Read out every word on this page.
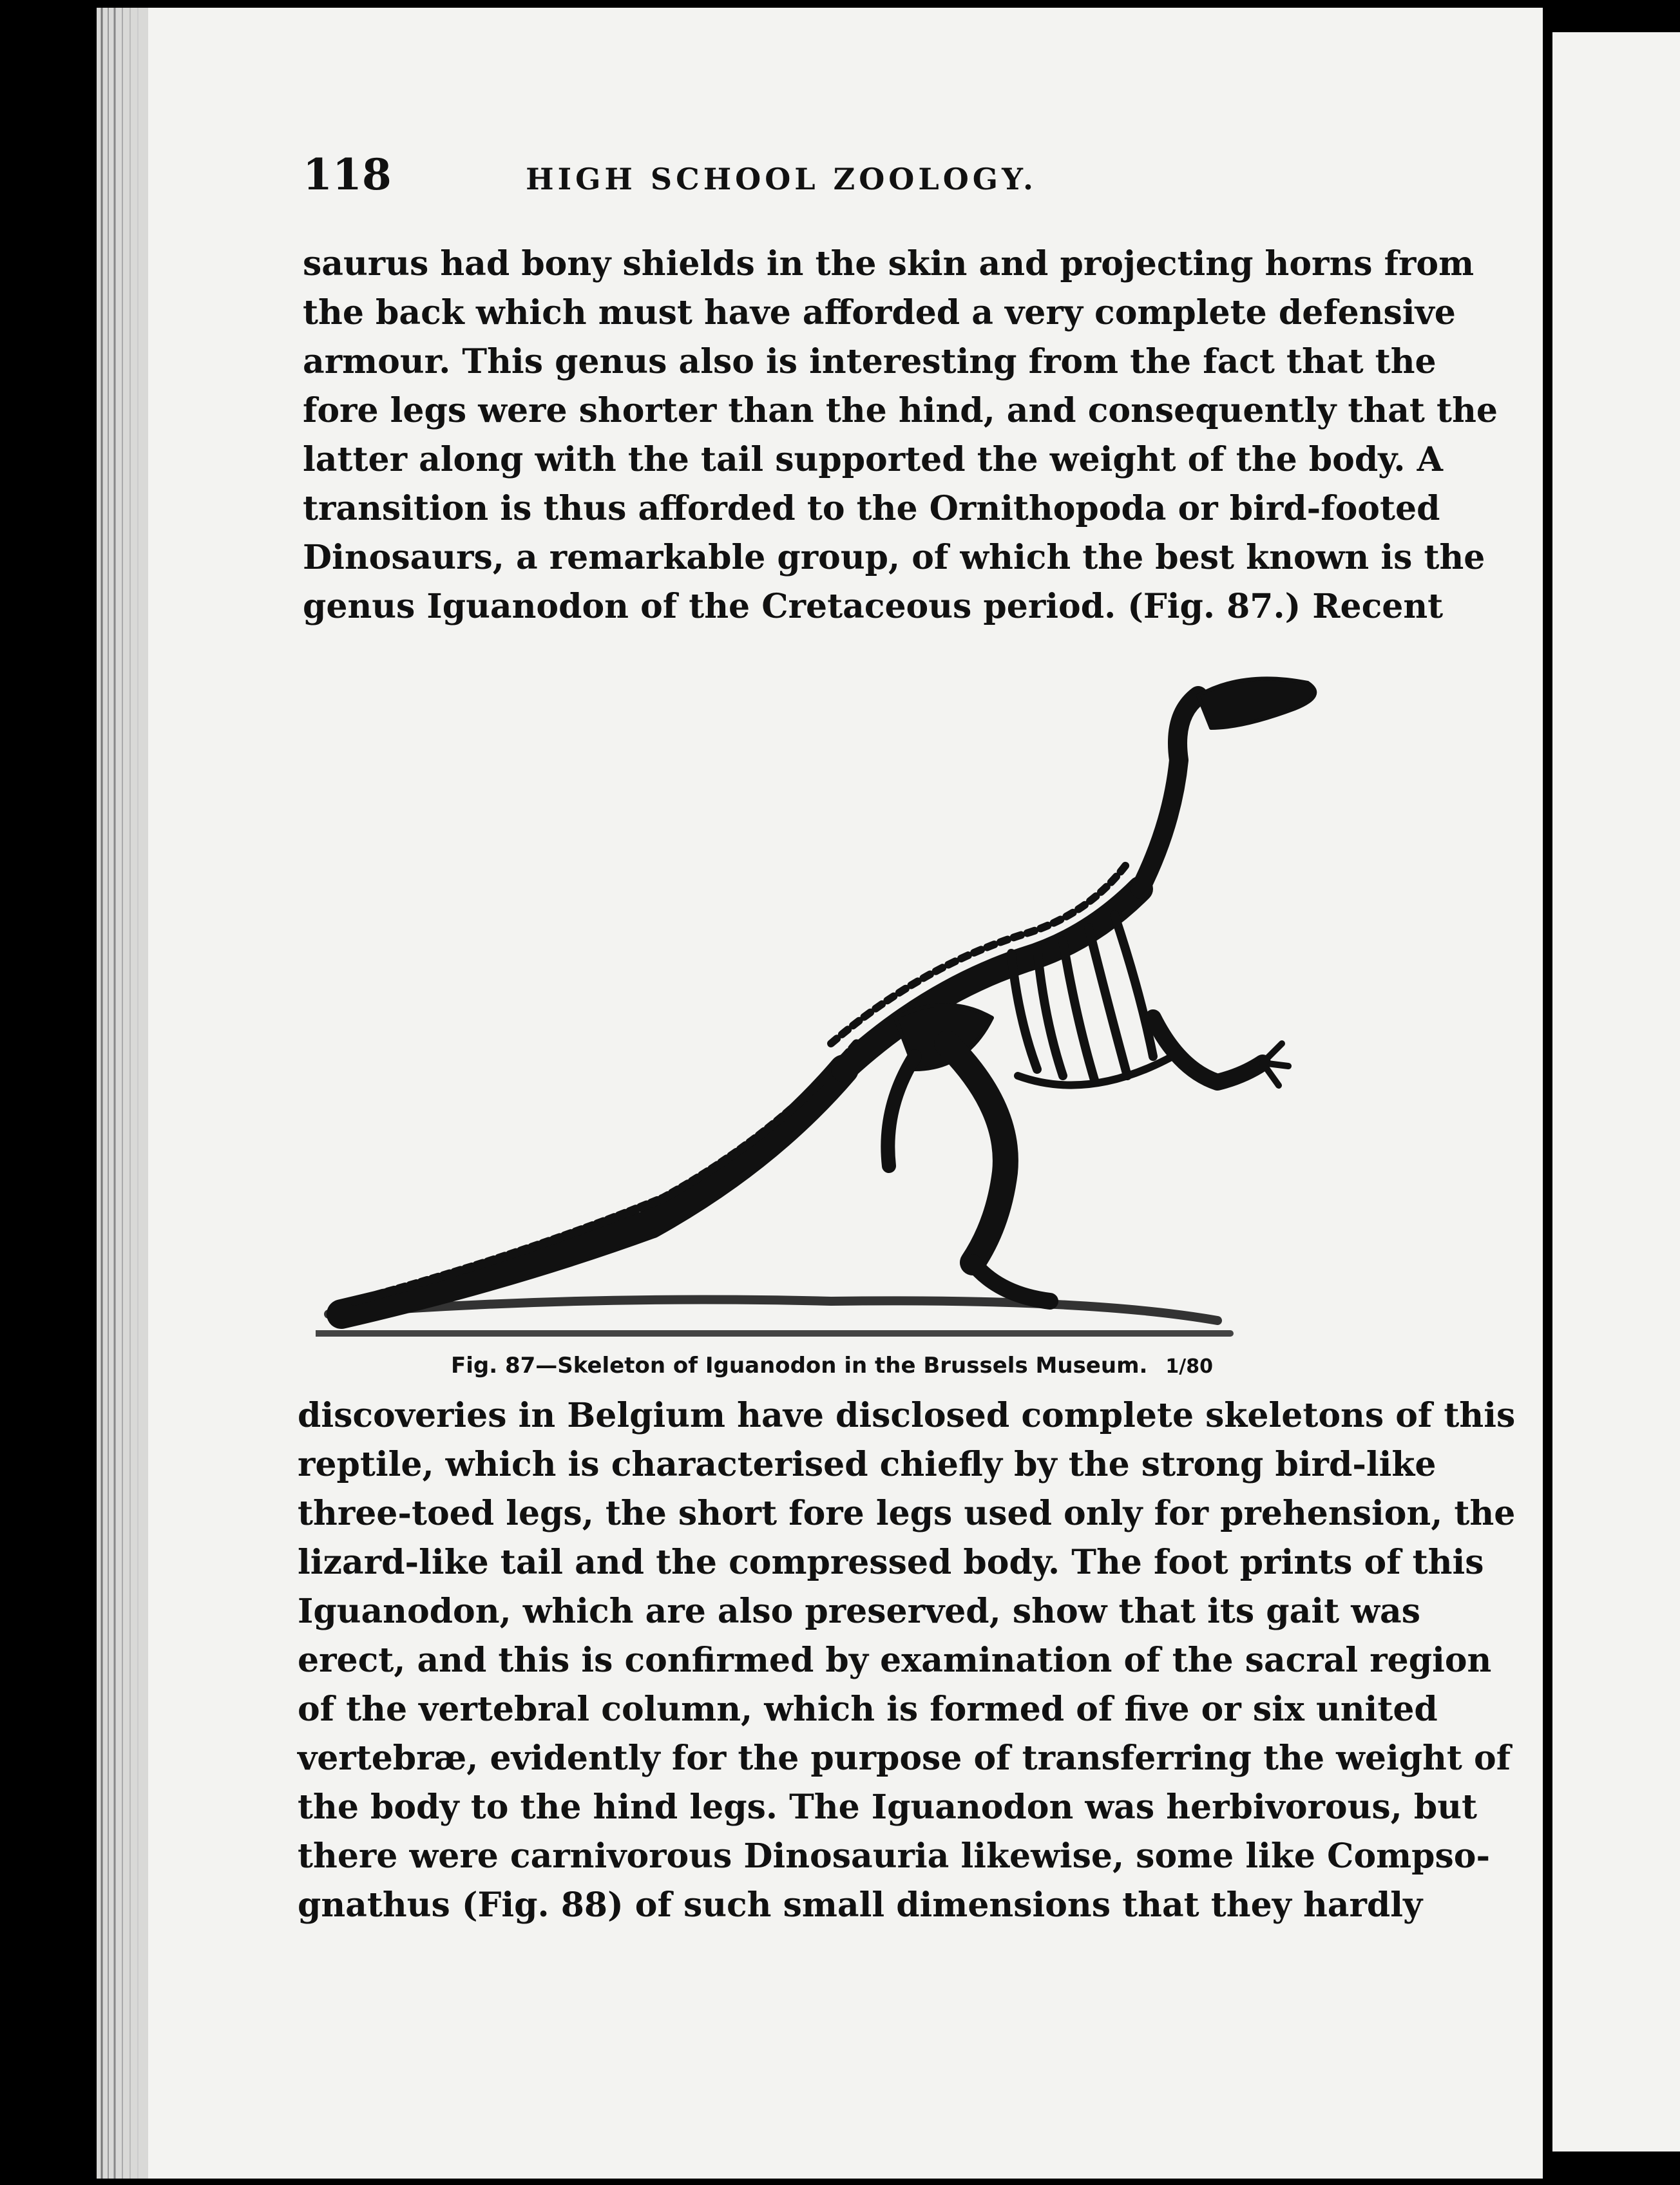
118	HIGH SCHOOL ZOOLOGY.
saurus had bony shields in the skin and projecting horns from
the back which must have afforded a very complete defensive
armour. This genus also is interesting from the fact that the
fore legs were shorter than the hind, and consequently that the
latter along with the tail supported the weight of the body. A
transition is thus afforded to the Ornithopoda or bird-footed
Dinosaurs, a remarkable group, of which the best known is the
genus Iguanodon of the Cretaceous period. (Fig. 87.) Recent
Fig. 87—Skeleton of Iguanodon in the Brussels Museum. 1/80
discoveries in Belgium have disclosed complete skeletons of this
reptile, which is characterised chiefly by the strong bird-like
three-toed legs, the short fore legs used only for prehension, the
lizard-like tail and the compressed body. The foot prints of this
Iguanodon, which are also preserved, show that its gait was
erect, and this is confirmed by examination of the sacral region
of the vertebral column, which is formed of five or six united
vertebræ, evidently for the purpose of transferring the weight of
the body to the hind legs. The Iguanodon was herbivorous, but
there were carnivorous Dinosauria likewise, some like Compso-
gnathus (Fig. 88) of such small dimensions that they hardly
